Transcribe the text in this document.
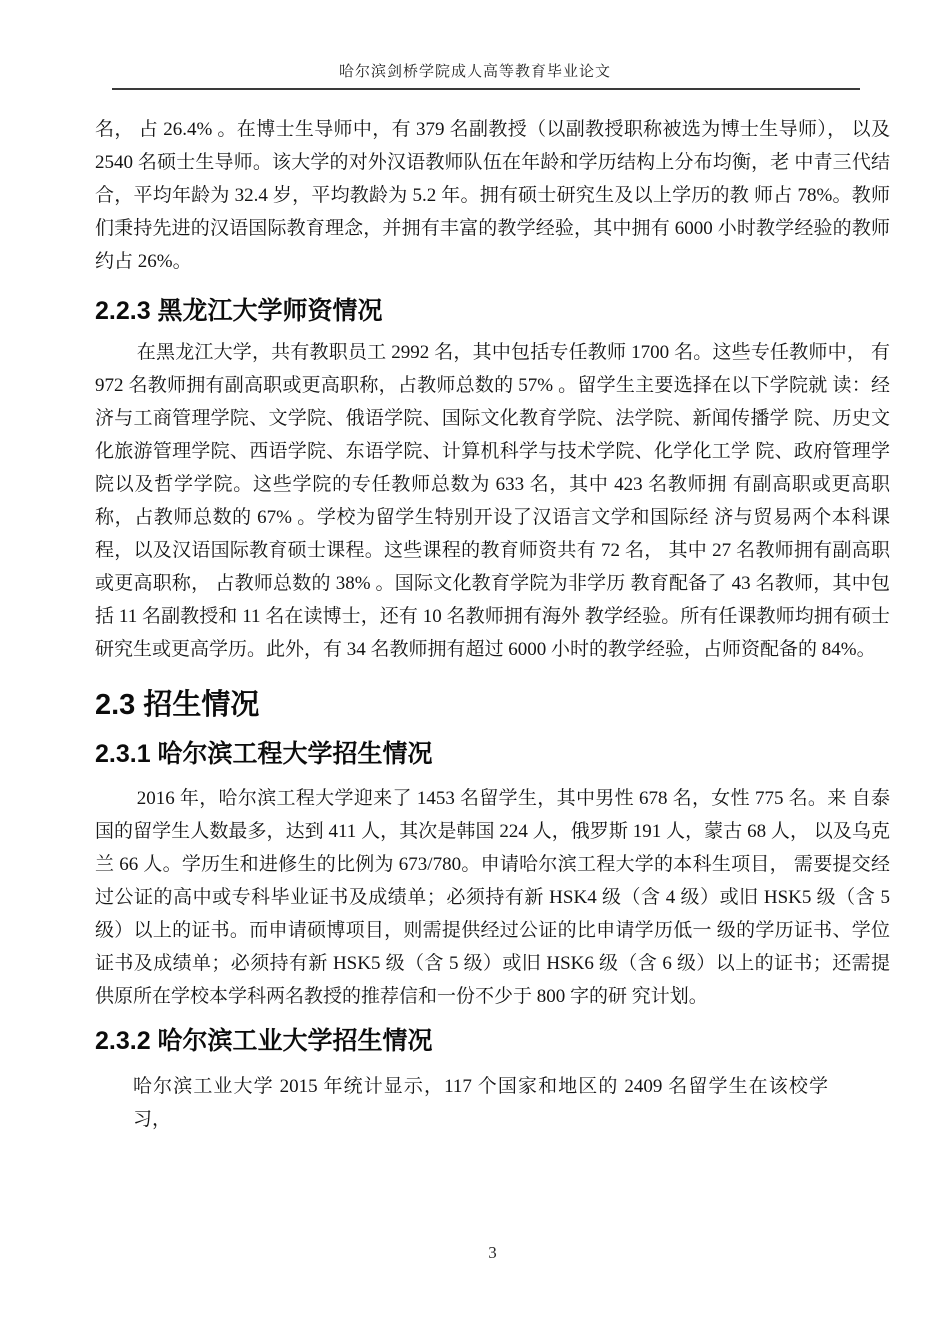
哈尔滨剑桥学院成人高等教育毕业论文

名， 占 26.4% 。在博士生导师中，有 379 名副教授（以副教授职称被选为博士生导师）， 以及 2540 名硕士生导师。该大学的对外汉语教师队伍在年龄和学历结构上分布均衡，老 中青三代结合，平均年龄为 32.4 岁，平均教龄为 5.2 年。拥有硕士研究生及以上学历的教 师占 78%。教师们秉持先进的汉语国际教育理念，并拥有丰富的教学经验，其中拥有 6000 小时教学经验的教师约占 26%。

2.2.3 黑龙江大学师资情况

在黑龙江大学，共有教职员工 2992 名，其中包括专任教师 1700 名。这些专任教师中， 有 972 名教师拥有副高职或更高职称，占教师总数的 57% 。留学生主要选择在以下学院就 读：经济与工商管理学院、文学院、俄语学院、国际文化教育学院、法学院、新闻传播学 院、历史文化旅游管理学院、西语学院、东语学院、计算机科学与技术学院、化学化工学 院、政府管理学院以及哲学学院。这些学院的专任教师总数为 633 名，其中 423 名教师拥 有副高职或更高职称，占教师总数的 67% 。学校为留学生特别开设了汉语言文学和国际经 济与贸易两个本科课程，以及汉语国际教育硕士课程。这些课程的教育师资共有 72 名， 其中 27 名教师拥有副高职或更高职称， 占教师总数的 38% 。国际文化教育学院为非学历 教育配备了 43 名教师，其中包括 11 名副教授和 11 名在读博士，还有 10 名教师拥有海外 教学经验。所有任课教师均拥有硕士研究生或更高学历。此外，有 34 名教师拥有超过 6000 小时的教学经验，占师资配备的 84%。

2.3 招生情况
2.3.1 哈尔滨工程大学招生情况

2016 年，哈尔滨工程大学迎来了 1453 名留学生，其中男性 678 名，女性 775 名。来 自泰国的留学生人数最多，达到 411 人，其次是韩国 224 人，俄罗斯 191 人，蒙古 68 人， 以及乌克兰 66 人。学历生和进修生的比例为 673/780。申请哈尔滨工程大学的本科生项目， 需要提交经过公证的高中或专科毕业证书及成绩单；必须持有新 HSK4 级（含 4 级）或旧 HSK5 级（含 5 级）以上的证书。而申请硕博项目，则需提供经过公证的比申请学历低一 级的学历证书、学位证书及成绩单；必须持有新 HSK5 级（含 5 级）或旧 HSK6 级（含 6 级）以上的证书；还需提供原所在学校本学科两名教授的推荐信和一份不少于 800 字的研 究计划。

2.3.2 哈尔滨工业大学招生情况

哈尔滨工业大学 2015 年统计显示，117 个国家和地区的 2409 名留学生在该校学习，

3
